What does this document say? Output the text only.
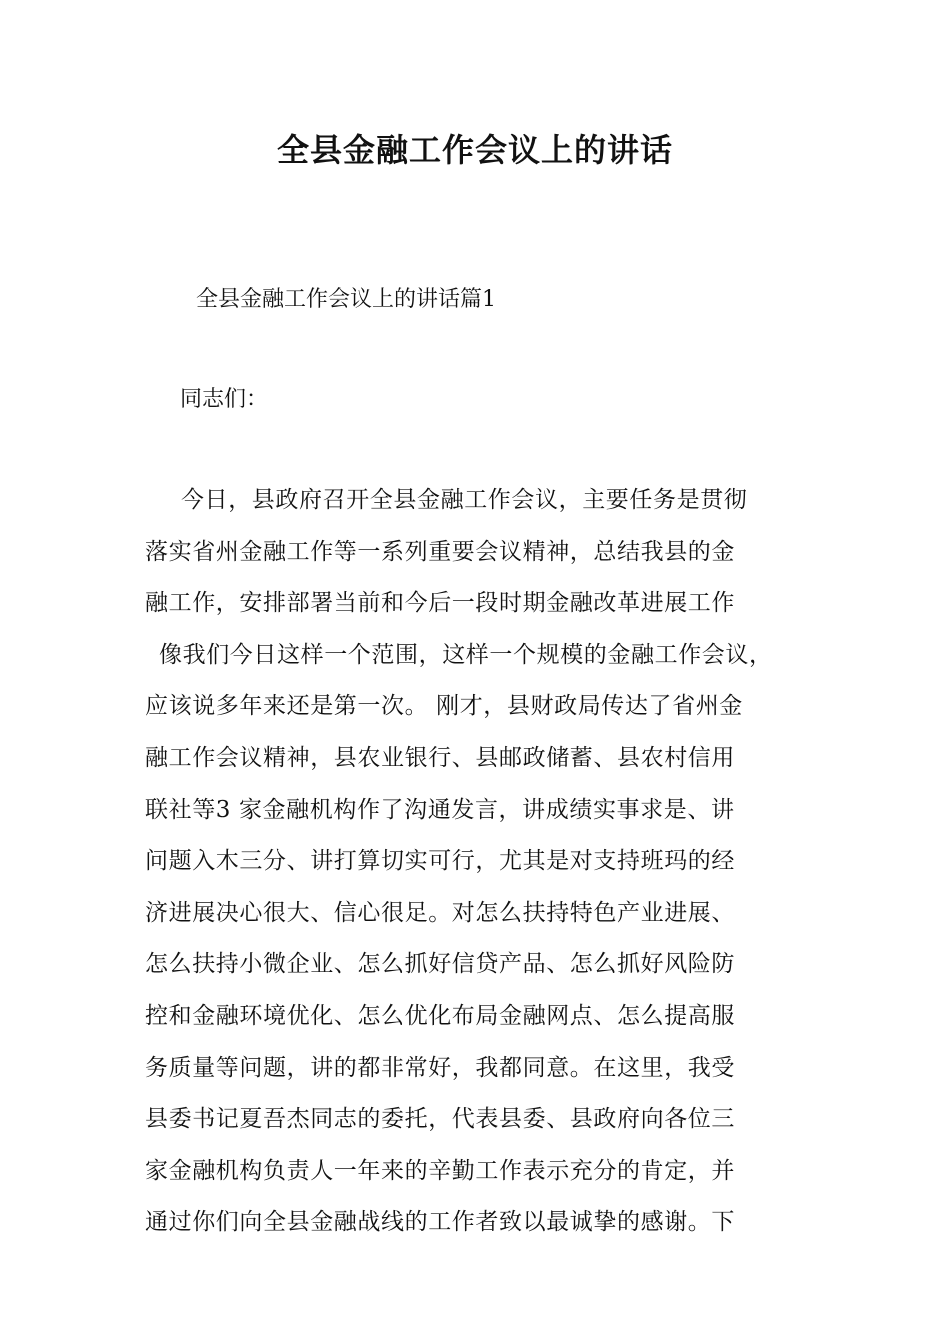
全县金融工作会议上的讲话

全县金融工作会议上的讲话篇1

同志们：

今日，县政府召开全县金融工作会议，主要任务是贯彻
落实省州金融工作等一系列重要会议精神，总结我县的金
融工作，安排部署当前和今后一段时期金融改革进展工作
像我们今日这样一个范围，这样一个规模的金融工作会议，
应该说多年来还是第一次。 刚才，县财政局传达了省州金
融工作会议精神，县农业银行、县邮政储蓄、县农村信用
联社等3 家金融机构作了沟通发言，讲成绩实事求是、讲
问题入木三分、讲打算切实可行，尤其是对支持班玛的经
济进展决心很大、信心很足。对怎么扶持特色产业进展、
怎么扶持小微企业、怎么抓好信贷产品、怎么抓好风险防
控和金融环境优化、怎么优化布局金融网点、怎么提高服
务质量等问题，讲的都非常好，我都同意。在这里，我受
县委书记夏吾杰同志的委托，代表县委、县政府向各位三
家金融机构负责人一年来的辛勤工作表示充分的肯定，并
通过你们向全县金融战线的工作者致以最诚挚的感谢。下
